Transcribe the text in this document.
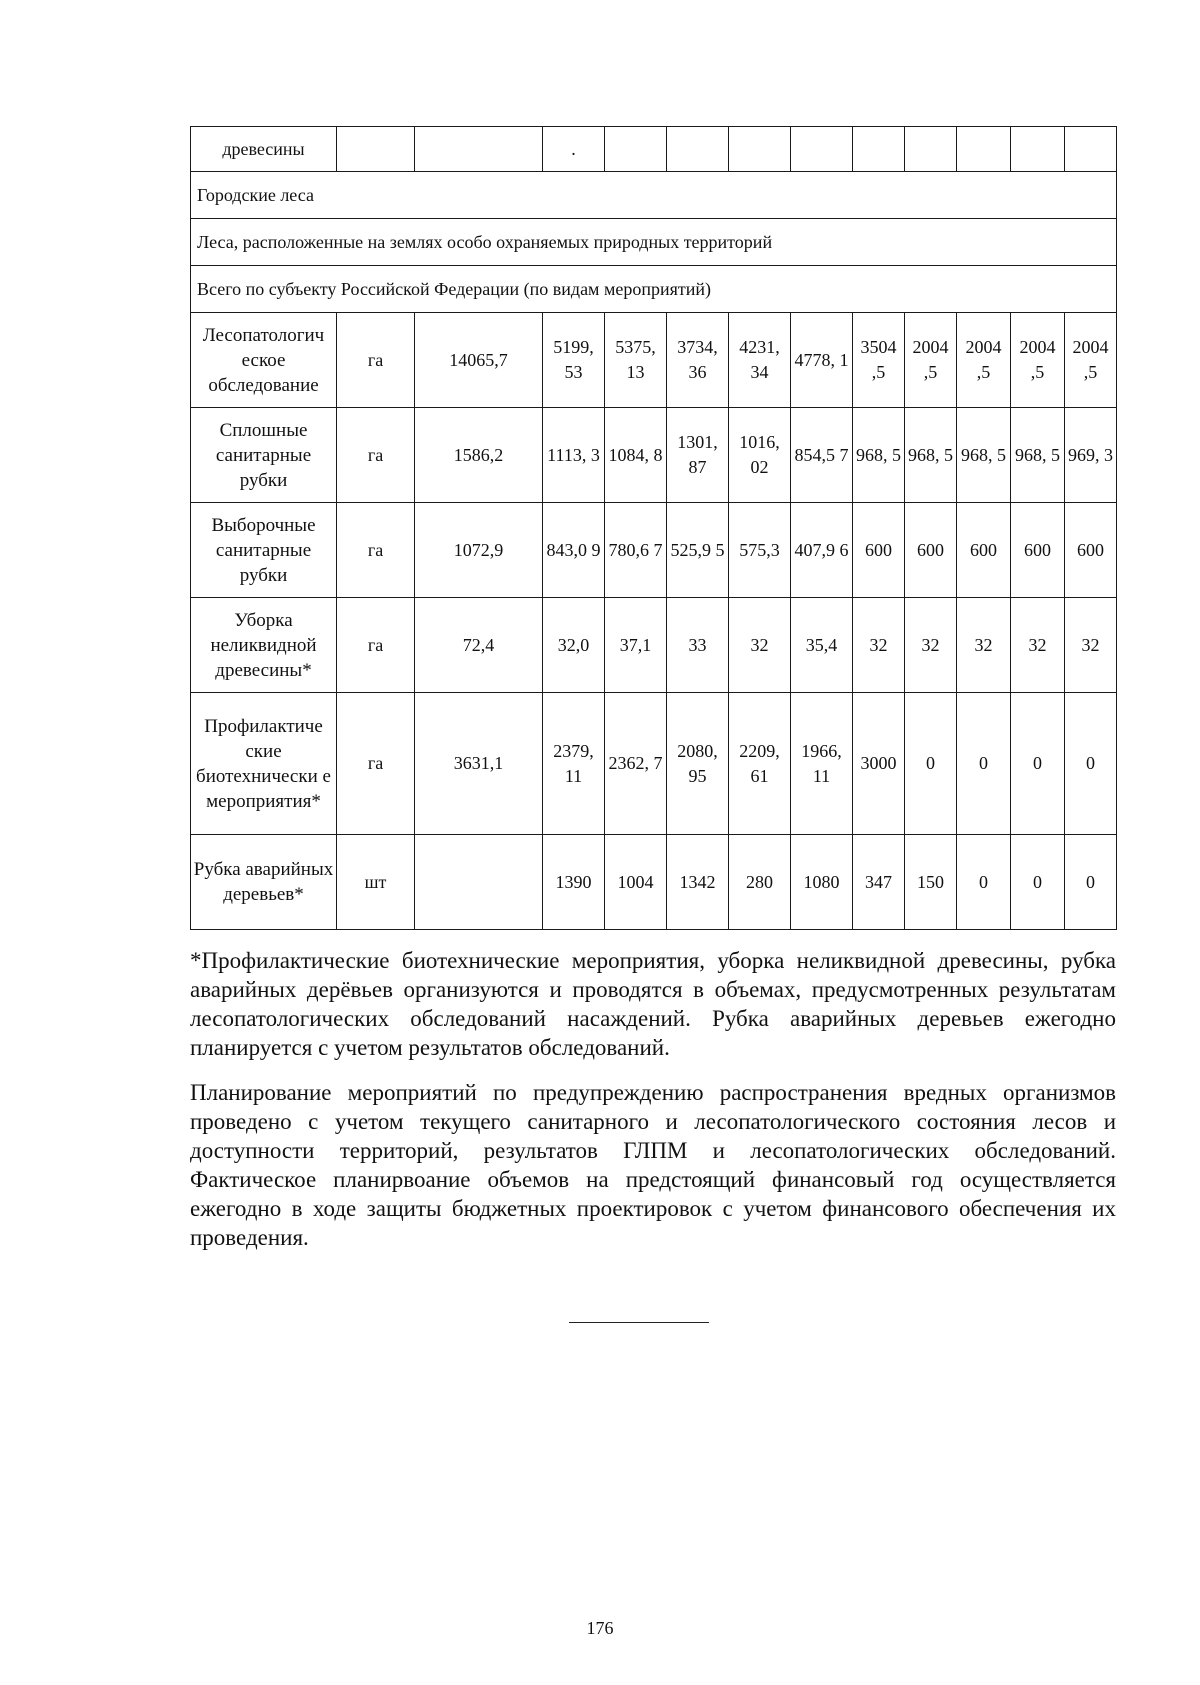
древесины			.									
Городские леса												
Леса, расположенные на землях особо охраняемых природных территорий												
Всего по субъекту Российской Федерации (по видам мероприятий)												
Лесопатологич еское обследование	га	14065,7	5199, 53	5375, 13	3734, 36	4231, 34	4778, 1	3504 ,5	2004 ,5	2004 ,5	2004 ,5	2004 ,5
Сплошные санитарные рубки	га	1586,2	1113, 3	1084, 8	1301, 87	1016, 02	854,5 7	968, 5	968, 5	968, 5	968, 5	969, 3
Выборочные санитарные рубки	га	1072,9	843,0 9	780,6 7	525,9 5	575,3	407,9 6	600	600	600	600	600
Уборка неликвидной древесины*	га	72,4	32,0	37,1	33	32	35,4	32	32	32	32	32
Профилактиче ские биотехнически е мероприятия*	га	3631,1	2379, 11	2362, 7	2080, 95	2209, 61	1966, 11	3000	0	0	0	0
Рубка аварийных деревьев*	шт		1390	1004	1342	280	1080	347	150	0	0	0

*Профилактические биотехнические мероприятия, уборка неликвидной древесины, рубка аварийных дерёвьев организуются и проводятся в объемах, предусмотренных результатам лесопатологических обследований насаждений. Рубка аварийных деревьев ежегодно планируется с учетом результатов обследований.

Планирование мероприятий по предупреждению распространения вредных организмов проведено с учетом текущего санитарного и лесопатологического состояния лесов и доступности территорий, результатов ГЛПМ и лесопатологических обследований. Фактическое планирвоание объемов на предстоящий финансовый год осуществляется ежегодно в ходе защиты бюджетных проектировок с учетом финансового обеспечения их проведения.

176
